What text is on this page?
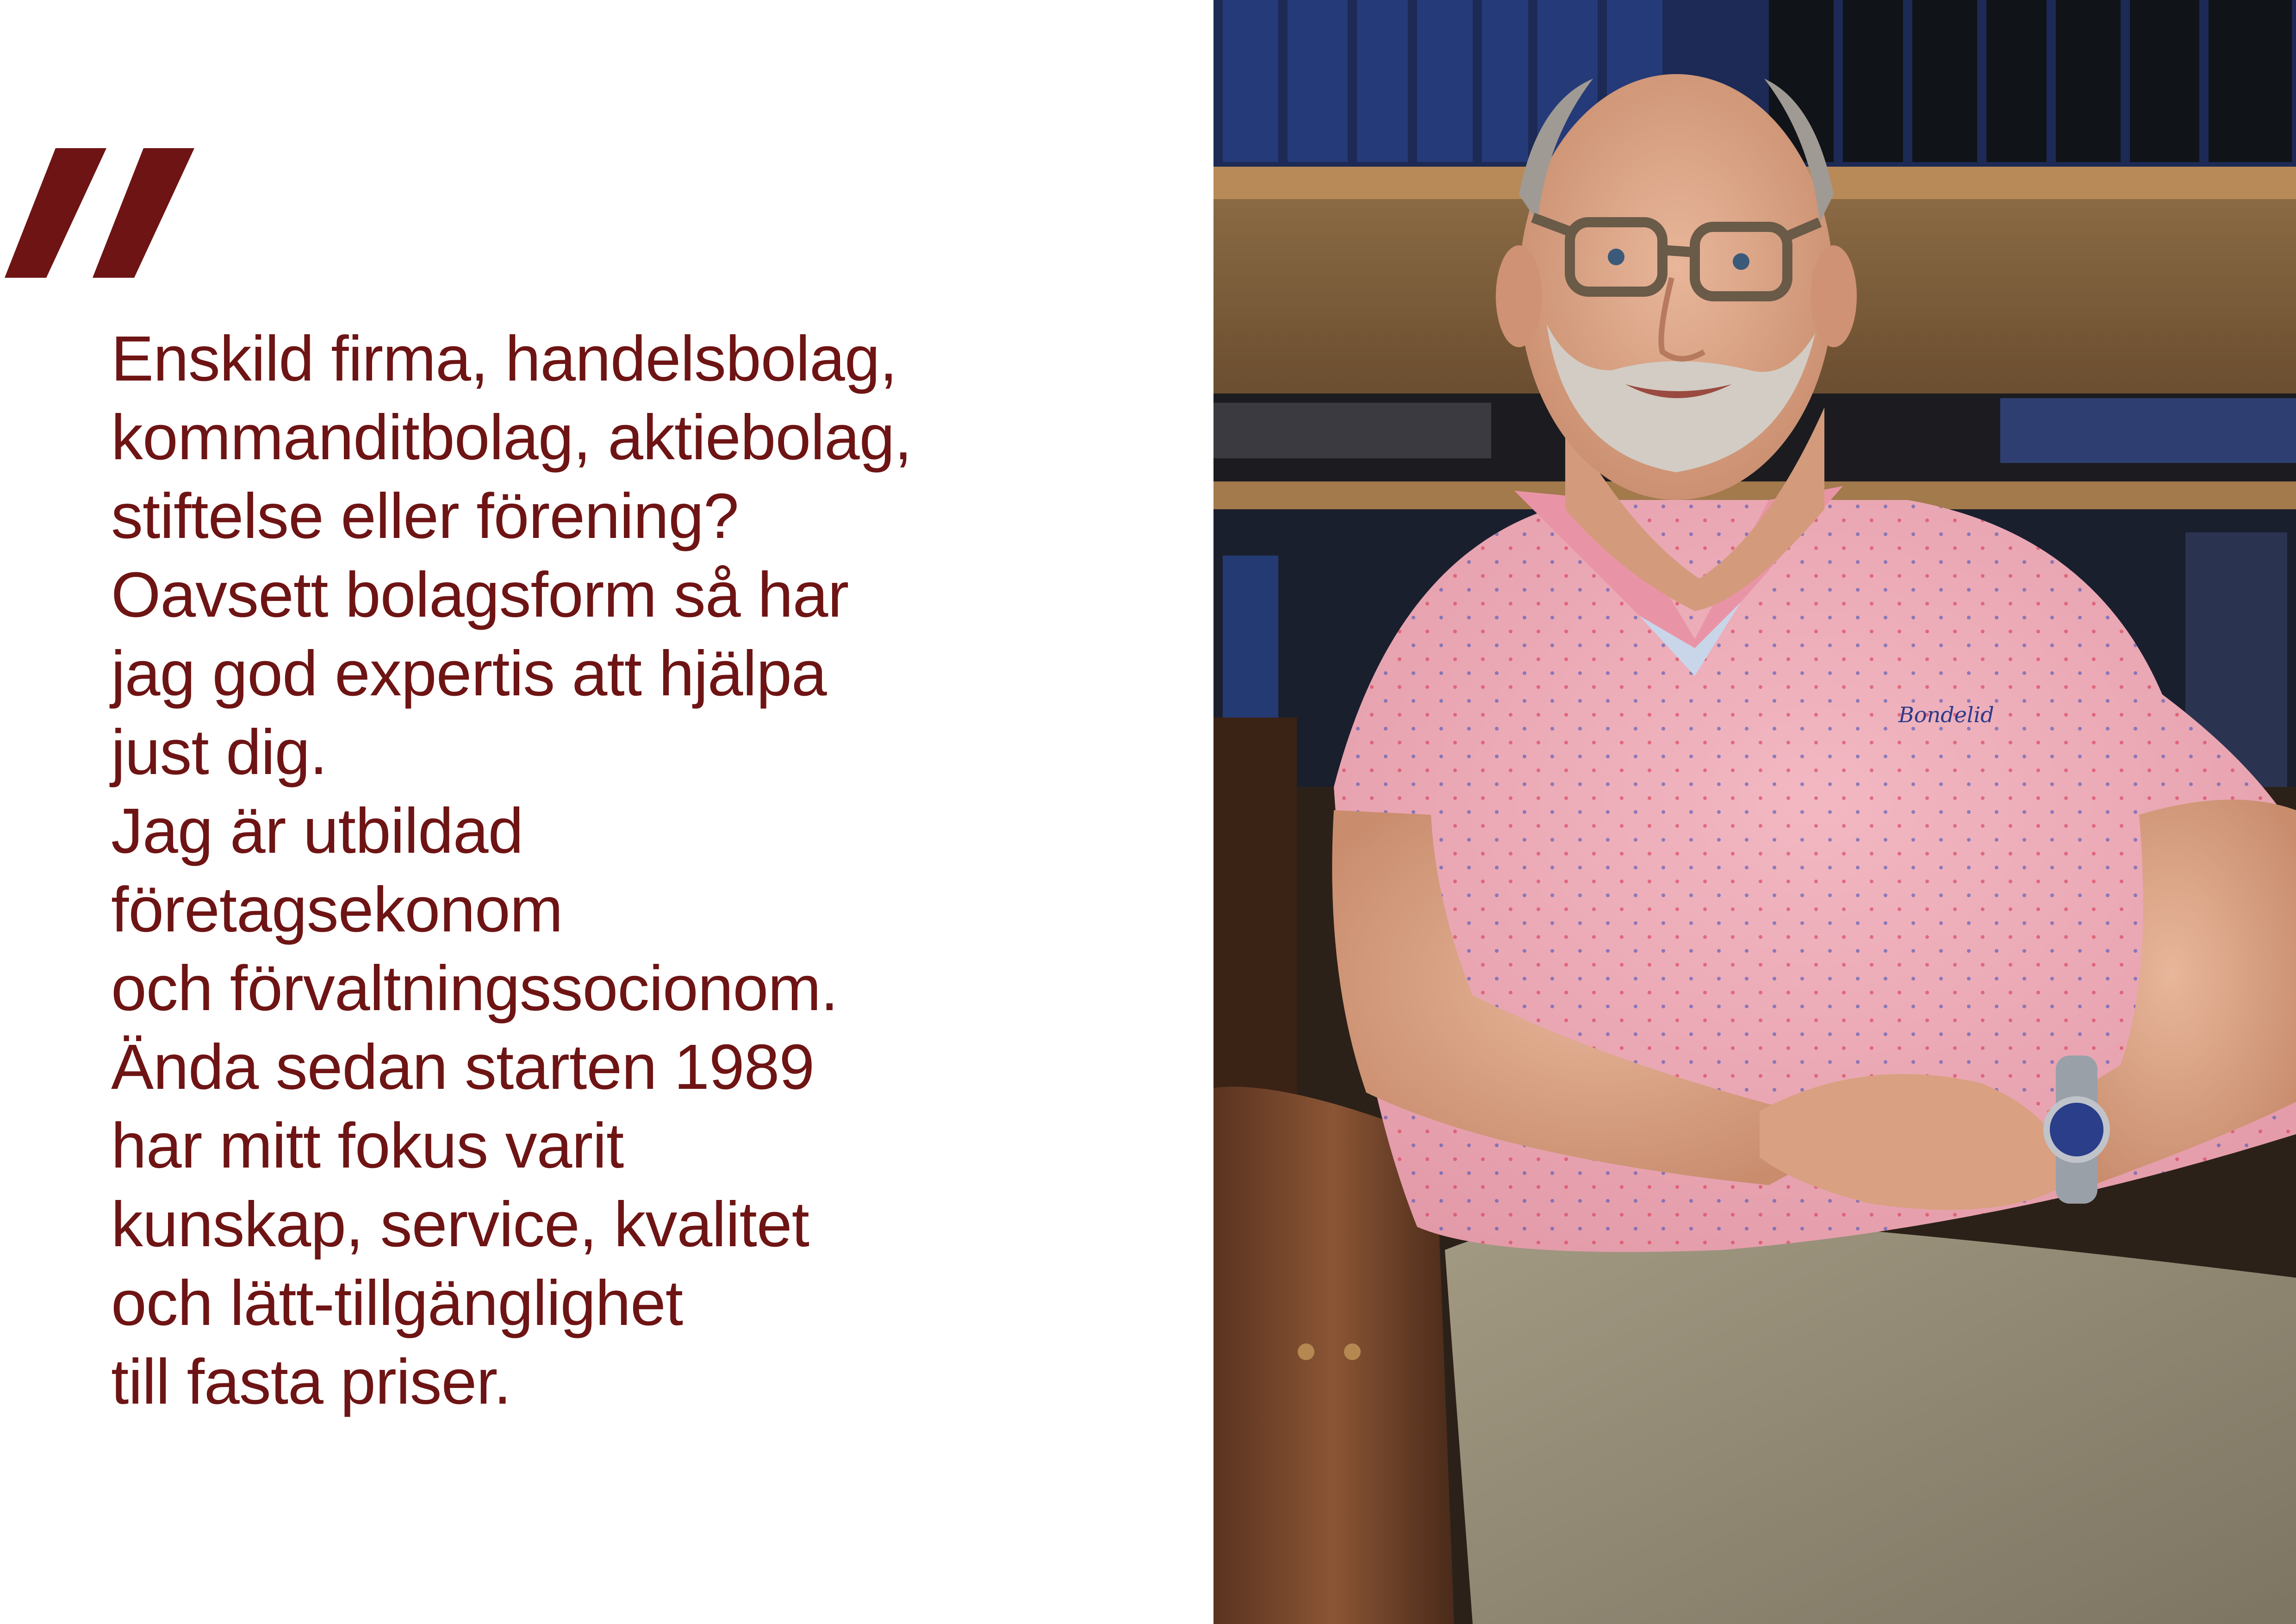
Enskild firma, handelsbolag,
kommanditbolag, aktiebolag,
stiftelse eller förening?
Oavsett bolagsform så har
jag god expertis att hjälpa
just dig.
Jag är utbildad
företagsekonom
och förvaltningssocionom.
Ända sedan starten 1989
har mitt fokus varit
kunskap, service, kvalitet
och lätt-tillgänglighet
till fasta priser.
Bondelid
